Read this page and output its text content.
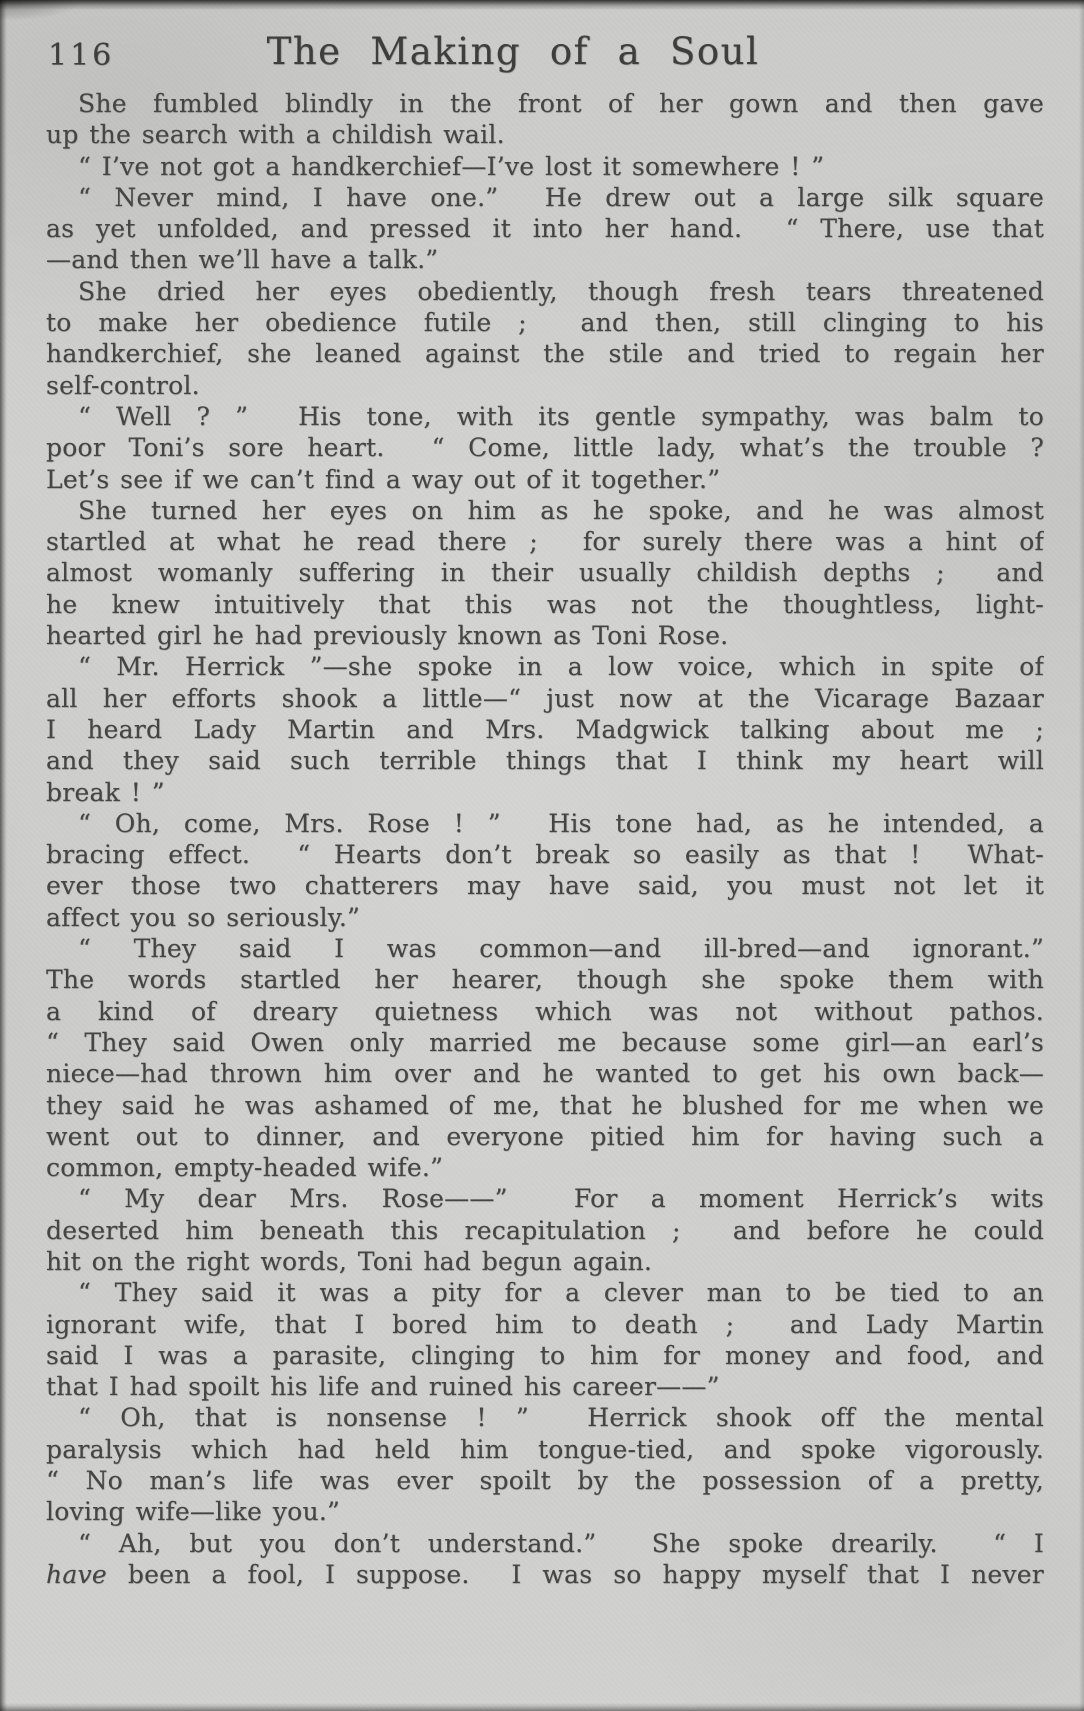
116	The Making of a Soul
She fumbled blindly in the front of her gown and then gave
up the search with a childish wail.
“ I’ve not got a handkerchief—I’ve lost it somewhere ! ”
“ Never mind, I have one.”  He drew out a large silk square
as yet unfolded, and pressed it into her hand.  “ There, use that
—and then we’ll have a talk.”
She dried her eyes obediently, though fresh tears threatened
to make her obedience futile ;  and then, still clinging to his
handkerchief, she leaned against the stile and tried to regain her
self-control.
“ Well ? ”  His tone, with its gentle sympathy, was balm to
poor Toni’s sore heart.  “ Come, little lady, what’s the trouble ?
Let’s see if we can’t find a way out of it together.”
She turned her eyes on him as he spoke, and he was almost
startled at what he read there ;  for surely there was a hint of
almost womanly suffering in their usually childish depths ;  and
he knew intuitively that this was not the thoughtless, light-
hearted girl he had previously known as Toni Rose.
“ Mr. Herrick ”—she spoke in a low voice, which in spite of
all her efforts shook a little—“ just now at the Vicarage Bazaar
I heard Lady Martin and Mrs. Madgwick talking about me ;
and they said such terrible things that I think my heart will
break ! ”
“ Oh, come, Mrs. Rose ! ”  His tone had, as he intended, a
bracing effect.  “ Hearts don’t break so easily as that !  What-
ever those two chatterers may have said, you must not let it
affect you so seriously.”
“ They said I was common—and ill-bred—and ignorant.”
The words startled her hearer, though she spoke them with
a kind of dreary quietness which was not without pathos.
“ They said Owen only married me because some girl—an earl’s
niece—had thrown him over and he wanted to get his own back—
they said he was ashamed of me, that he blushed for me when we
went out to dinner, and everyone pitied him for having such a
common, empty-headed wife.”
“ My dear Mrs. Rose——”  For a moment Herrick’s wits
deserted him beneath this recapitulation ;  and before he could
hit on the right words, Toni had begun again.
“ They said it was a pity for a clever man to be tied to an
ignorant wife, that I bored him to death ;  and Lady Martin
said I was a parasite, clinging to him for money and food, and
that I had spoilt his life and ruined his career——”
“ Oh, that is nonsense ! ”  Herrick shook off the mental
paralysis which had held him tongue-tied, and spoke vigorously.
“ No man’s life was ever spoilt by the possession of a pretty,
loving wife—like you.”
“ Ah, but you don’t understand.”  She spoke drearily.  “ I
have been a fool, I suppose.  I was so happy myself that I never
